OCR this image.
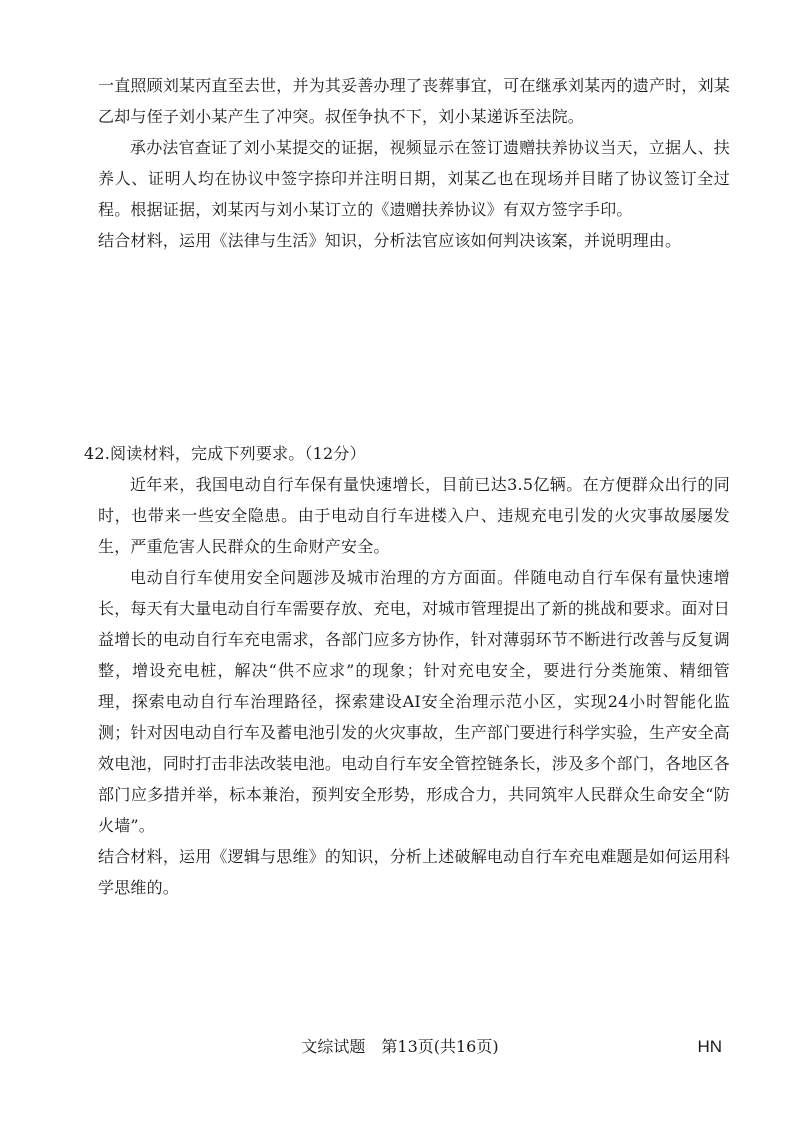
一直照顾刘某丙直至去世，并为其妥善办理了丧葬事宜，可在继承刘某丙的遗产时，刘某乙却与侄子刘小某产生了冲突。叔侄争执不下，刘小某递诉至法院。

承办法官查证了刘小某提交的证据，视频显示在签订遗赠扶养协议当天，立据人、扶养人、证明人均在协议中签字捺印并注明日期，刘某乙也在现场并目睹了协议签订全过程。根据证据，刘某丙与刘小某订立的《遗赠扶养协议》有双方签字手印。

结合材料，运用《法律与生活》知识，分析法官应该如何判决该案，并说明理由。

42.阅读材料，完成下列要求。（12分）

近年来，我国电动自行车保有量快速增长，目前已达3.5亿辆。在方便群众出行的同时，也带来一些安全隐患。由于电动自行车进楼入户、违规充电引发的火灾事故屡屡发生，严重危害人民群众的生命财产安全。

电动自行车使用安全问题涉及城市治理的方方面面。伴随电动自行车保有量快速增长，每天有大量电动自行车需要存放、充电，对城市管理提出了新的挑战和要求。面对日益增长的电动自行车充电需求，各部门应多方协作，针对薄弱环节不断进行改善与反复调整，增设充电桩，解决“供不应求”的现象；针对充电安全，要进行分类施策、精细管理，探索电动自行车治理路径，探索建设AI安全治理示范小区，实现24小时智能化监测；针对因电动自行车及蓄电池引发的火灾事故，生产部门要进行科学实验，生产安全高效电池，同时打击非法改装电池。电动自行车安全管控链条长，涉及多个部门，各地区各部门应多措并举，标本兼治，预判安全形势，形成合力，共同筑牢人民群众生命安全“防火墙”。

结合材料，运用《逻辑与思维》的知识，分析上述破解电动自行车充电难题是如何运用科学思维的。

文综试题　第13页(共16页)	HN
